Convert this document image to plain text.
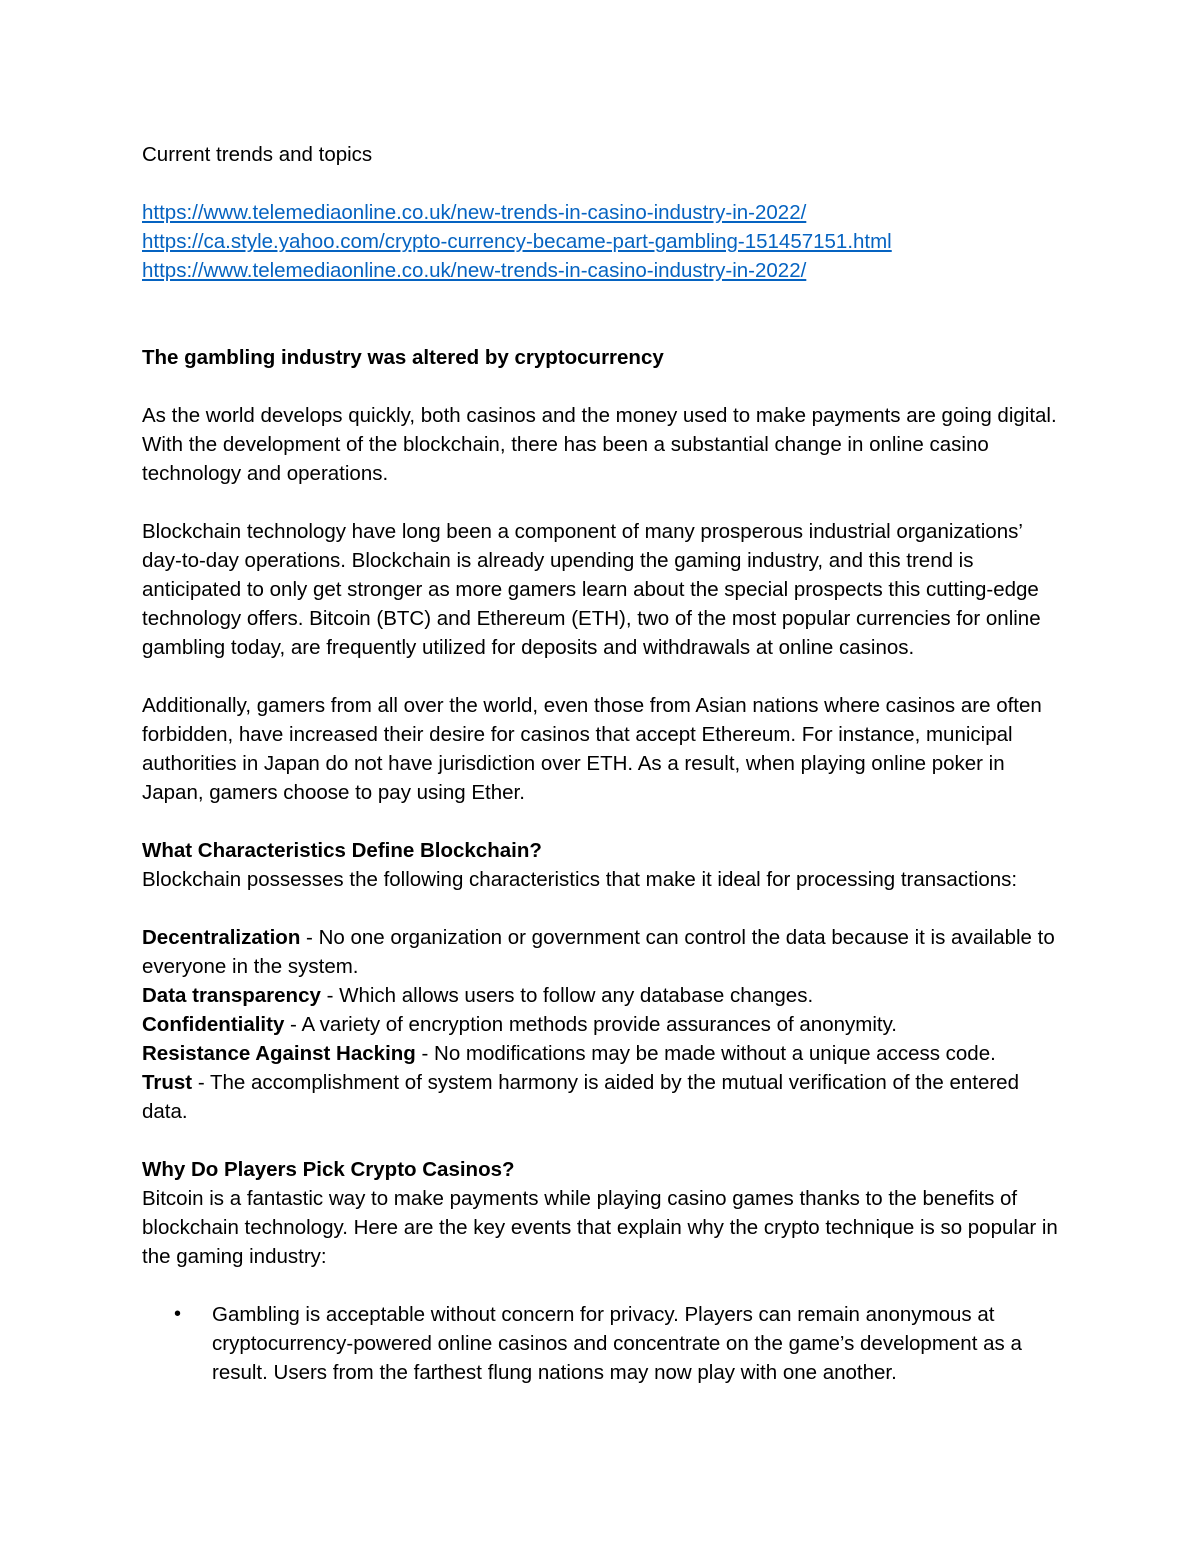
Current trends and topics

https://www.telemediaonline.co.uk/new-trends-in-casino-industry-in-2022/
https://ca.style.yahoo.com/crypto-currency-became-part-gambling-151457151.html
https://www.telemediaonline.co.uk/new-trends-in-casino-industry-in-2022/

The gambling industry was altered by cryptocurrency

As the world develops quickly, both casinos and the money used to make payments are going digital. With the development of the blockchain, there has been a substantial change in online casino technology and operations.

Blockchain technology have long been a component of many prosperous industrial organizations’ day-to-day operations. Blockchain is already upending the gaming industry, and this trend is anticipated to only get stronger as more gamers learn about the special prospects this cutting-edge technology offers. Bitcoin (BTC) and Ethereum (ETH), two of the most popular currencies for online gambling today, are frequently utilized for deposits and withdrawals at online casinos.

Additionally, gamers from all over the world, even those from Asian nations where casinos are often forbidden, have increased their desire for casinos that accept Ethereum. For instance, municipal authorities in Japan do not have jurisdiction over ETH. As a result, when playing online poker in Japan, gamers choose to pay using Ether.

What Characteristics Define Blockchain?

Blockchain possesses the following characteristics that make it ideal for processing transactions:

Decentralization - No one organization or government can control the data because it is available to everyone in the system.

Data transparency - Which allows users to follow any database changes.

Confidentiality - A variety of encryption methods provide assurances of anonymity.

Resistance Against Hacking - No modifications may be made without a unique access code.

Trust - The accomplishment of system harmony is aided by the mutual verification of the entered data.

Why Do Players Pick Crypto Casinos?

Bitcoin is a fantastic way to make payments while playing casino games thanks to the benefits of blockchain technology. Here are the key events that explain why the crypto technique is so popular in the gaming industry:

• Gambling is acceptable without concern for privacy. Players can remain anonymous at cryptocurrency-powered online casinos and concentrate on the game’s development as a result. Users from the farthest flung nations may now play with one another.
